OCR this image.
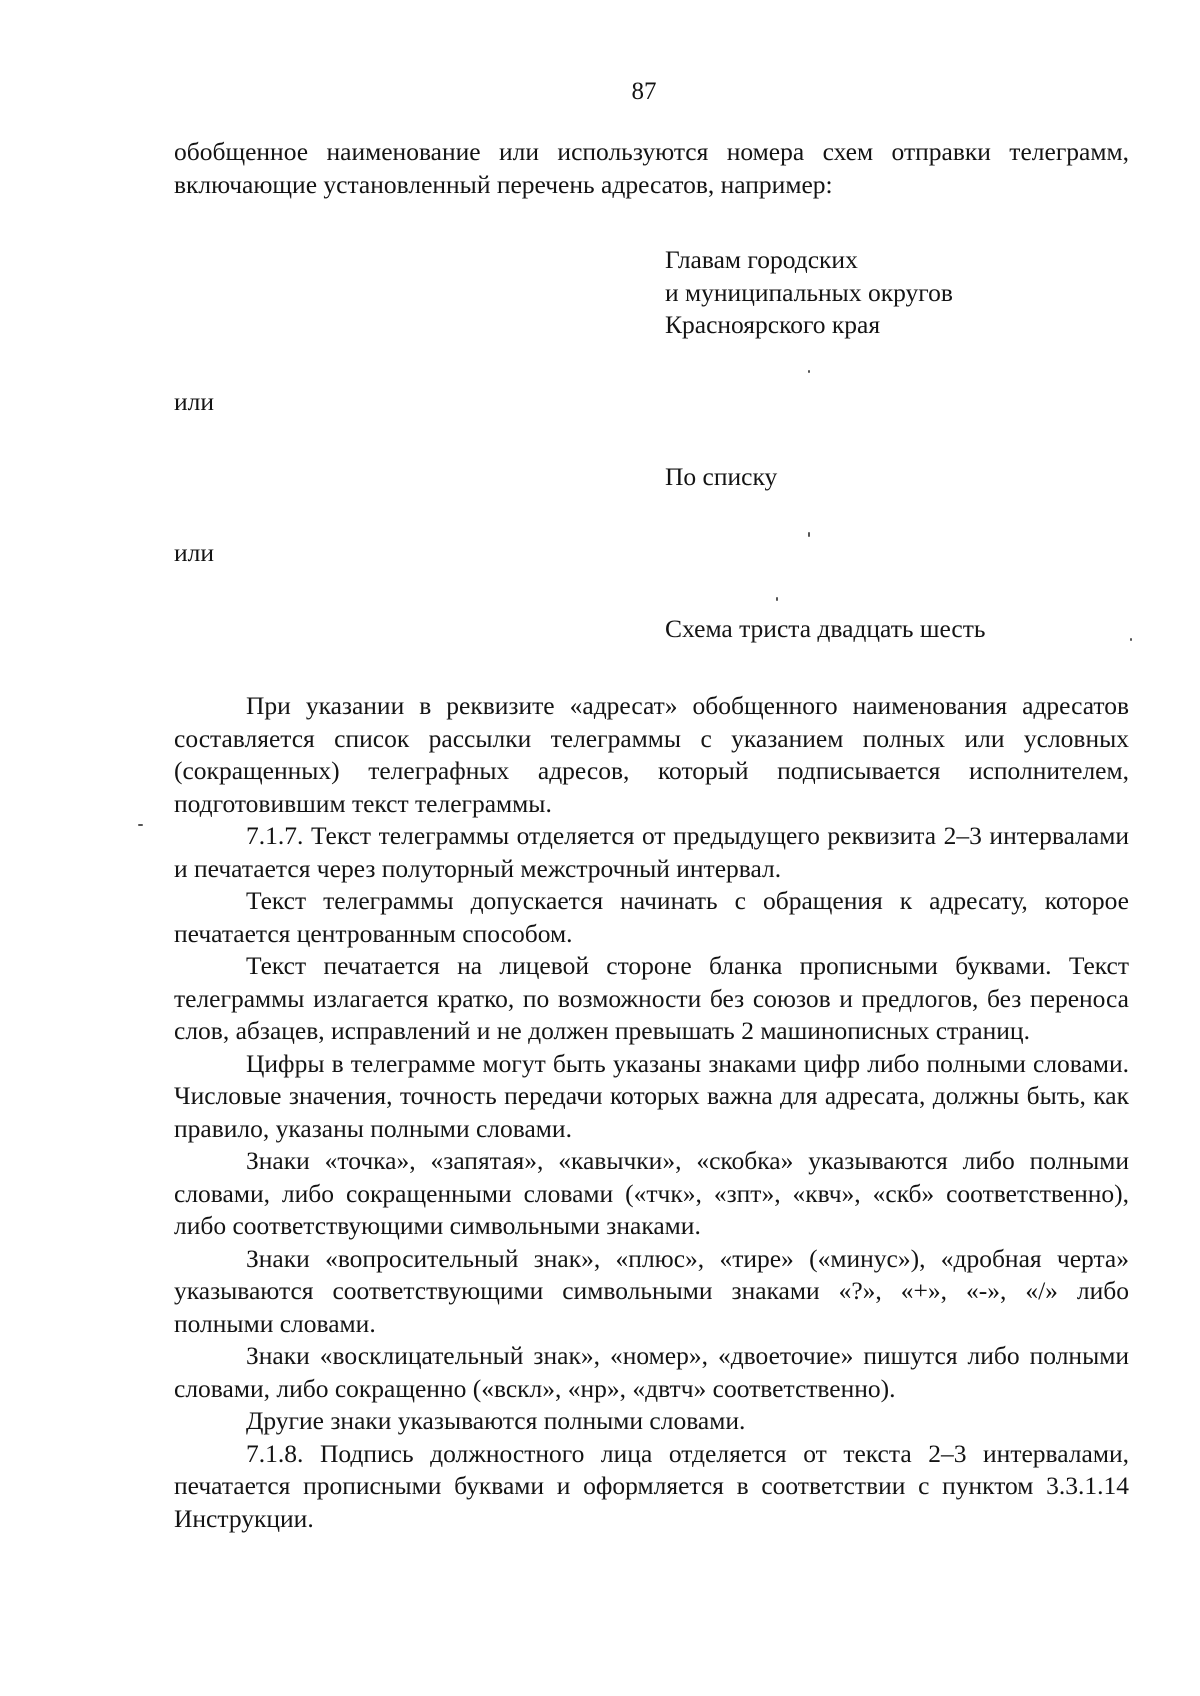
87

обобщенное наименование или используются номера схем отправки телеграмм, включающие установленный перечень адресатов, например:

Главам городских
и муниципальных округов
Красноярского края
или
По списку
или
Схема триста двадцать шесть

При указании в реквизите «адресат» обобщенного наименования адресатов составляется список рассылки телеграммы с указанием полных или условных (сокращенных) телеграфных адресов, который подписывается исполнителем, подготовившим текст телеграммы.

7.1.7. Текст телеграммы отделяется от предыдущего реквизита 2–3 интервалами и печатается через полуторный межстрочный интервал.

Текст телеграммы допускается начинать с обращения к адресату, которое печатается центрованным способом.

Текст печатается на лицевой стороне бланка прописными буквами. Текст телеграммы излагается кратко, по возможности без союзов и предлогов, без переноса слов, абзацев, исправлений и не должен превышать 2 машинописных страниц.

Цифры в телеграмме могут быть указаны знаками цифр либо полными словами. Числовые значения, точность передачи которых важна для адресата, должны быть, как правило, указаны полными словами.

Знаки «точка», «запятая», «кавычки», «скобка» указываются либо полными словами, либо сокращенными словами («тчк», «зпт», «квч», «скб» соответственно), либо соответствующими символьными знаками.

Знаки «вопросительный знак», «плюс», «тире» («минус»), «дробная черта» указываются соответствующими символьными знаками «?», «+», «-», «/» либо полными словами.

Знаки «восклицательный знак», «номер», «двоеточие» пишутся либо полными словами, либо сокращенно («вскл», «нр», «двтч» соответственно).

Другие знаки указываются полными словами.

7.1.8. Подпись должностного лица отделяется от текста 2–3 интервалами, печатается прописными буквами и оформляется в соответствии с пунктом 3.3.1.14 Инструкции.
